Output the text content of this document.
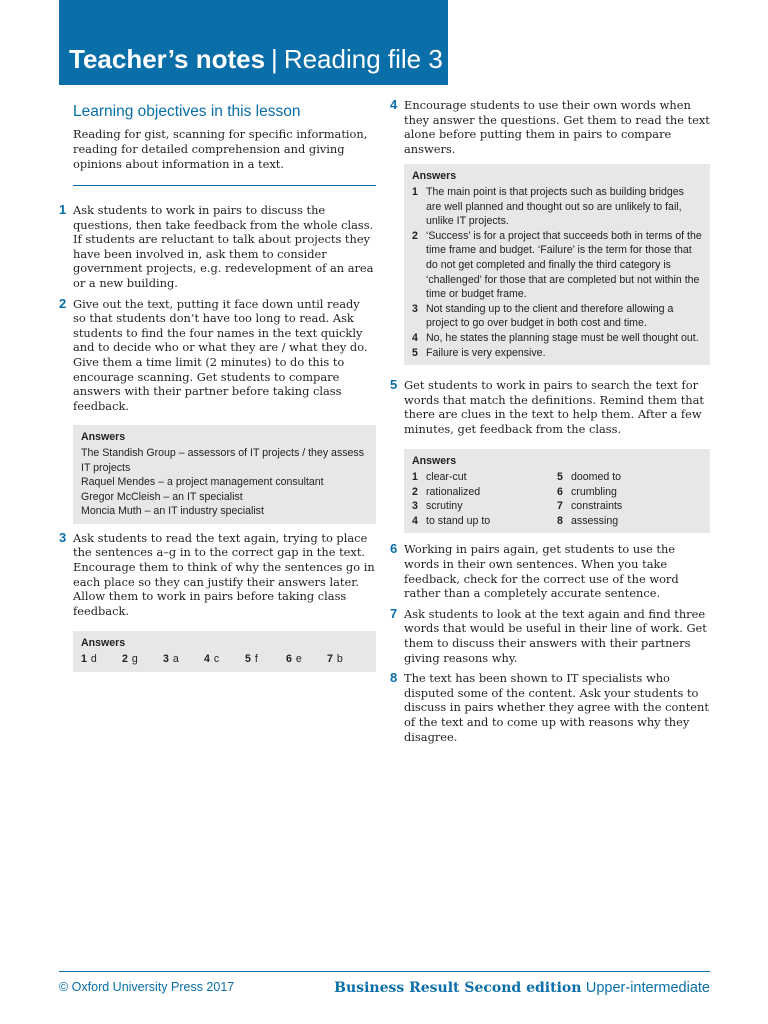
Teacher’s notes | Reading file 3
Learning objectives in this lesson
Reading for gist, scanning for specific information, reading for detailed comprehension and giving opinions about information in a text.
1 Ask students to work in pairs to discuss the questions, then take feedback from the whole class. If students are reluctant to talk about projects they have been involved in, ask them to consider government projects, e.g. redevelopment of an area or a new building.
2 Give out the text, putting it face down until ready so that students don’t have too long to read. Ask students to find the four names in the text quickly and to decide who or what they are / what they do. Give them a time limit (2 minutes) to do this to encourage scanning. Get students to compare answers with their partner before taking class feedback.
Answers
The Standish Group – assessors of IT projects / they assess IT projects
Raquel Mendes – a project management consultant
Gregor McCleish – an IT specialist
Moncia Muth – an IT industry specialist
3 Ask students to read the text again, trying to place the sentences a–g in to the correct gap in the text. Encourage them to think of why the sentences go in each place so they can justify their answers later. Allow them to work in pairs before taking class feedback.
Answers
1 d	2 g	3 a	4 c	5 f	6 e	7 b
4 Encourage students to use their own words when they answer the questions. Get them to read the text alone before putting them in pairs to compare answers.
Answers
1 The main point is that projects such as building bridges are well planned and thought out so are unlikely to fail, unlike IT projects.
2 ‘Success’ is for a project that succeeds both in terms of the time frame and budget. ‘Failure’ is the term for those that do not get completed and finally the third category is ‘challenged’ for those that are completed but not within the time or budget frame.
3 Not standing up to the client and therefore allowing a project to go over budget in both cost and time.
4 No, he states the planning stage must be well thought out.
5 Failure is very expensive.
5 Get students to work in pairs to search the text for words that match the definitions. Remind them that there are clues in the text to help them. After a few minutes, get feedback from the class.
Answers
1 clear-cut
2 rationalized
3 scrutiny
4 to stand up to
5 doomed to
6 crumbling
7 constraints
8 assessing
6 Working in pairs again, get students to use the words in their own sentences. When you take feedback, check for the correct use of the word rather than a completely accurate sentence.
7 Ask students to look at the text again and find three words that would be useful in their line of work. Get them to discuss their answers with their partners giving reasons why.
8 The text has been shown to IT specialists who disputed some of the content. Ask your students to discuss in pairs whether they agree with the content of the text and to come up with reasons why they disagree.
© Oxford University Press 2017	Business Result Second edition Upper-intermediate
